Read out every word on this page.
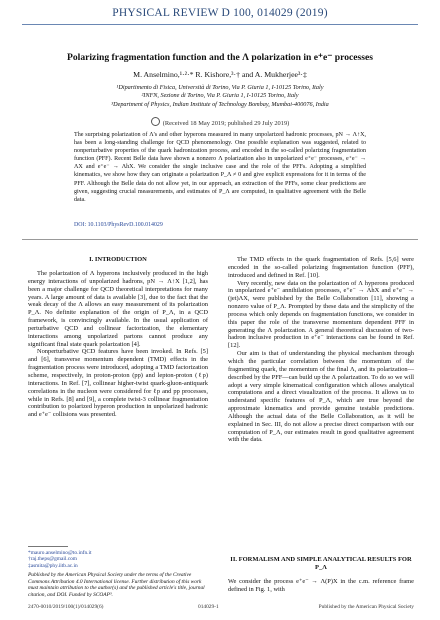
PHYSICAL REVIEW D 100, 014029 (2019)
Polarizing fragmentation function and the Λ polarization in e⁺e⁻ processes
M. Anselmino,¹·²·* R. Kishore,³·† and A. Mukherjee³·‡
¹Dipartimento di Fisica, Università di Torino, Via P. Giuria 1, I-10125 Torino, Italy
²INFN, Sezione di Torino, Via P. Giuria 1, I-10125 Torino, Italy
³Department of Physics, Indian Institute of Technology Bombay, Mumbai-400076, India
(Received 18 May 2019; published 29 July 2019)
The surprising polarization of Λ's and other hyperons measured in many unpolarized hadronic processes, pN → Λ↑X, has been a long-standing challenge for QCD phenomenology. One possible explanation was suggested, related to nonperturbative properties of the quark hadronization process, and encoded in the so-called polarizing fragmentation function (PFF). Recent Belle data have shown a nonzero Λ polarization also in unpolarized e⁺e⁻ processes, e⁺e⁻ → ΛX and e⁺e⁻ → ΛhX. We consider the single inclusive case and the role of the PFFs. Adopting a simplified kinematics, we show how they can originate a polarization P_Λ ≠ 0 and give explicit expressions for it in terms of the PFF. Although the Belle data do not allow yet, in our approach, an extraction of the PFFs, some clear predictions are given, suggesting crucial measurements, and estimates of P_Λ are computed, in qualitative agreement with the Belle data.
DOI: 10.1103/PhysRevD.100.014029
I. INTRODUCTION

The polarization of Λ hyperons inclusively produced in the high energy interactions of unpolarized hadrons, pN → Λ↑X [1,2], has been a major challenge for QCD theoretical interpretations for many years. A large amount of data is available [3], due to the fact that the weak decay of the Λ allows an easy measurement of its polarization P_Λ. No definite explanation of the origin of P_Λ, in a QCD framework, is convincingly available. In the usual application of perturbative QCD and collinear factorization, the elementary interactions among unpolarized partons cannot produce any significant final state quark polarization [4].

Nonperturbative QCD features have been invoked. In Refs. [5] and [6], transverse momentum dependent (TMD) effects in the fragmentation process were introduced, adopting a TMD factorization scheme, respectively, in proton-proton (pp) and lepton-proton (ℓp) interactions. In Ref. [7], collinear higher-twist quark-gluon-antiquark correlations in the nucleon were considered for ℓp and pp processes, while in Refs. [8] and [9], a complete twist-3 collinear fragmentation contribution to polarized hyperon production in unpolarized hadronic and e⁺e⁻ collisions was presented.

The TMD effects in the quark fragmentation of Refs. [5,6] were encoded in the so-called polarizing fragmentation function (PFF), introduced and defined in Ref. [10].

Very recently, new data on the polarization of Λ hyperons produced in unpolarized e⁺e⁻ annihilation processes, e⁺e⁻ → ΛhX and e⁺e⁻ → (jet)ΛX, were published by the Belle Collaboration [11], showing a nonzero value of P_Λ. Prompted by these data and the simplicity of the process which only depends on fragmentation functions, we consider in this paper the role of the transverse momentum dependent PFF in generating the Λ polarization. A general theoretical discussion of two-hadron inclusive production in e⁺e⁻ interactions can be found in Ref. [12].

Our aim is that of understanding the physical mechanism through which the particular correlation between the momentum of the fragmenting quark, the momentum of the final Λ, and its polarization—described by the PFF—can build up the Λ polarization. To do so we will adopt a very simple kinematical configuration which allows analytical computations and a direct visualization of the process. It allows us to understand specific features of P_Λ, which are true beyond the approximate kinematics and provide genuine testable predictions. Although the actual data of the Belle Collaboration, as it will be explained in Sec. III, do not allow a precise direct comparison with our computation of P_Λ, our estimates result in good qualitative agreement with the data.

*mauro.anselmino@to.infn.it
†raj.theps@gmail.com
‡asmita@phy.iitb.ac.in
Published by the American Physical Society under the terms of the Creative Commons Attribution 4.0 International license. Further distribution of this work must maintain attribution to the author(s) and the published article's title, journal citation, and DOI. Funded by SCOAP³.
II. FORMALISM AND SIMPLE ANALYTICAL RESULTS FOR P_Λ
We consider the process e⁺e⁻ → Λ(P)X in the c.m. reference frame defined in Fig. 1, with
2470-0010/2019/100(1)/014029(6)	014029-1	Published by the American Physical Society
